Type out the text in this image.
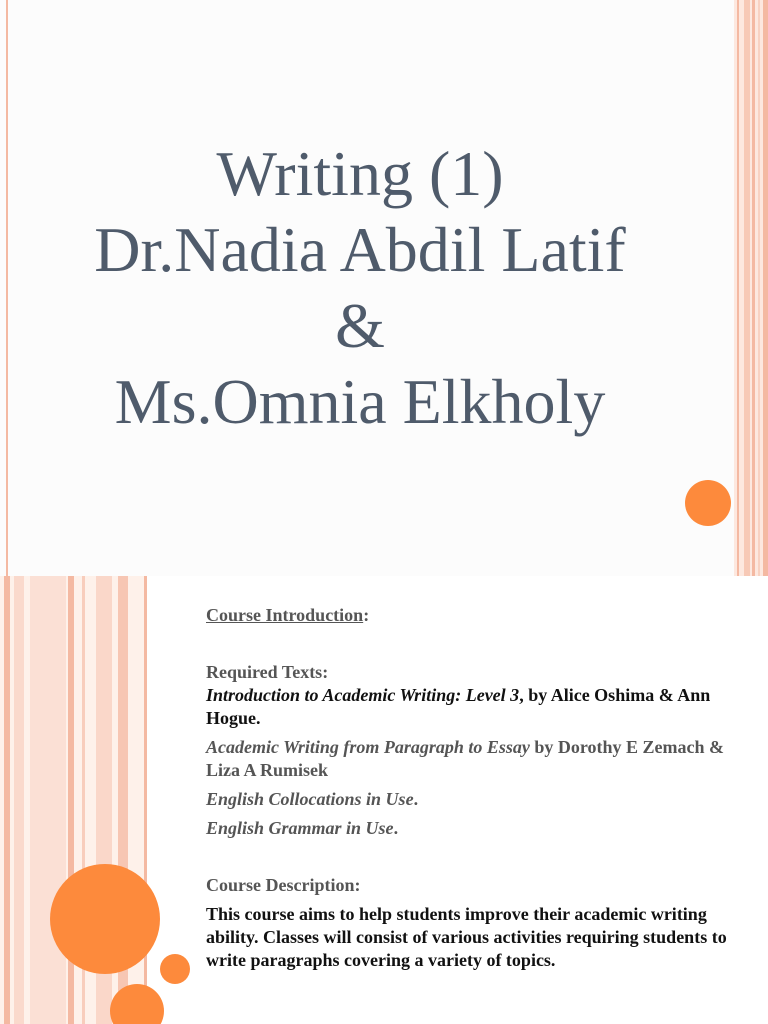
Writing (1)
Dr.Nadia Abdil Latif
&
Ms.Omnia Elkholy

Course Introduction:

Required Texts:

Introduction to Academic Writing: Level 3, by Alice Oshima & Ann Hogue.

Academic Writing from Paragraph to Essay by Dorothy E Zemach & Liza A Rumisek

English Collocations in Use.

English Grammar in Use.

Course Description:

This course aims to help students improve their academic writing ability. Classes will consist of various activities requiring students to write paragraphs covering a variety of topics.
